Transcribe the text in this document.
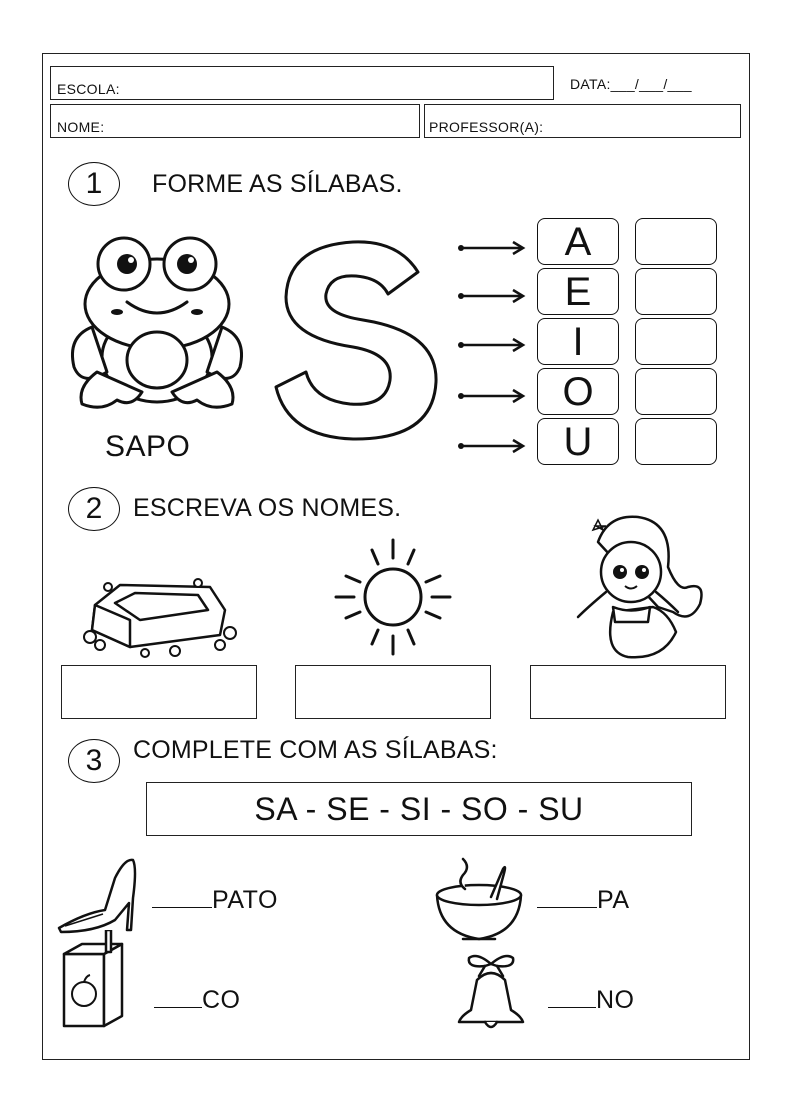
ESCOLA:	DATA:___/___/___
NOME:	PROFESSOR(A):
1	FORME AS SÍLABAS.
SAPO
A
E
I
O
U
2	ESCREVA OS NOMES.
3	COMPLETE COM AS SÍLABAS:
SA - SE - SI - SO - SU
PATO	PA
CO	NO
